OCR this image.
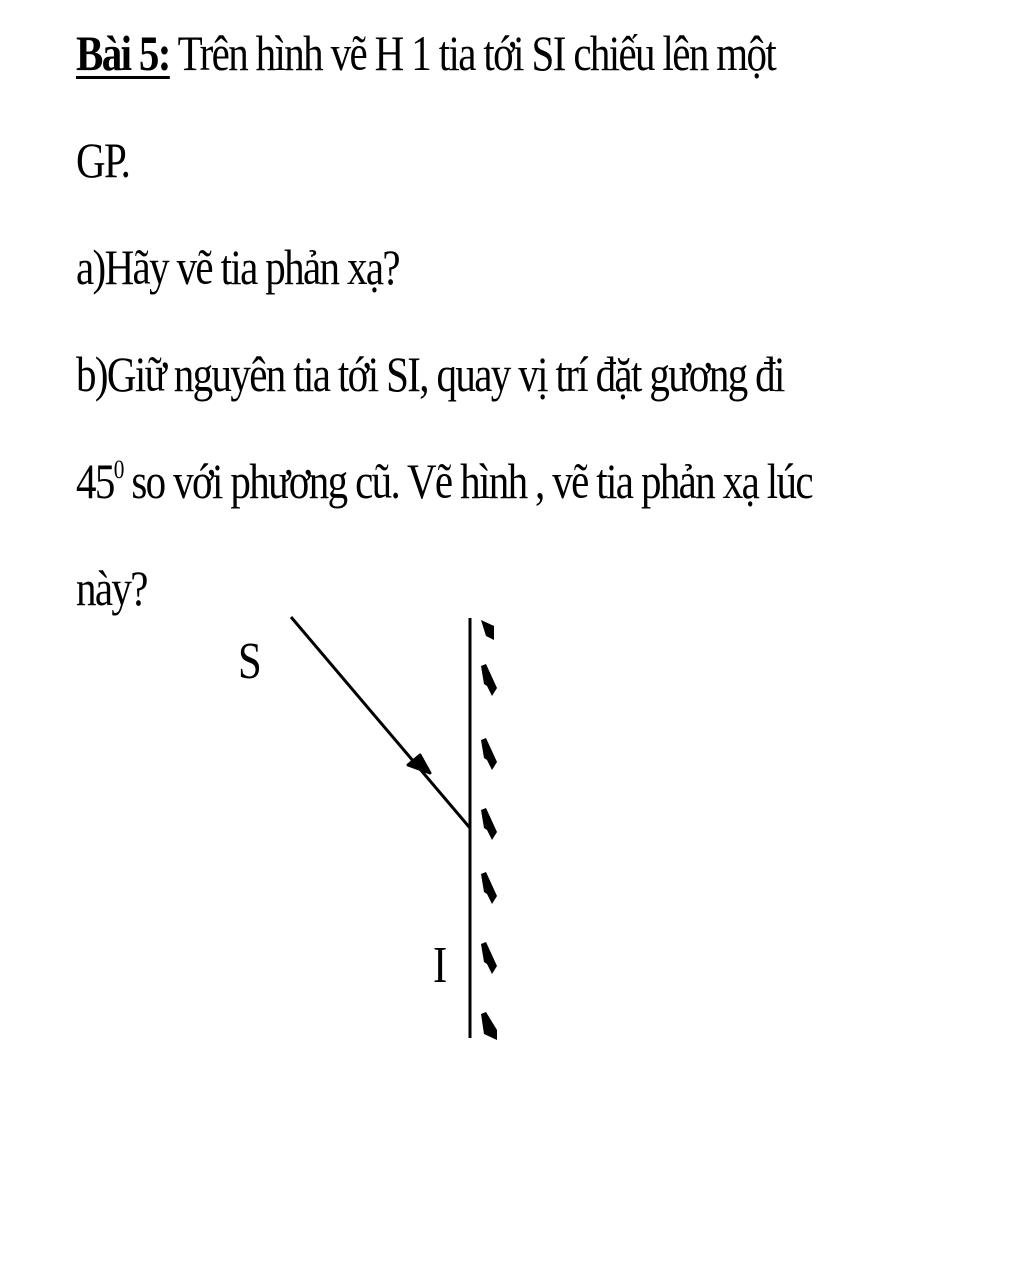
Bài 5: Trên hình vẽ H 1 tia tới SI chiếu lên một
GP.
a)Hãy vẽ tia phản xạ?
b)Giữ nguyên tia tới SI, quay vị trí đặt gương đi
$45^0$ so với phương cũ. Vẽ hình , vẽ tia phản xạ lúc
này?
S
I
